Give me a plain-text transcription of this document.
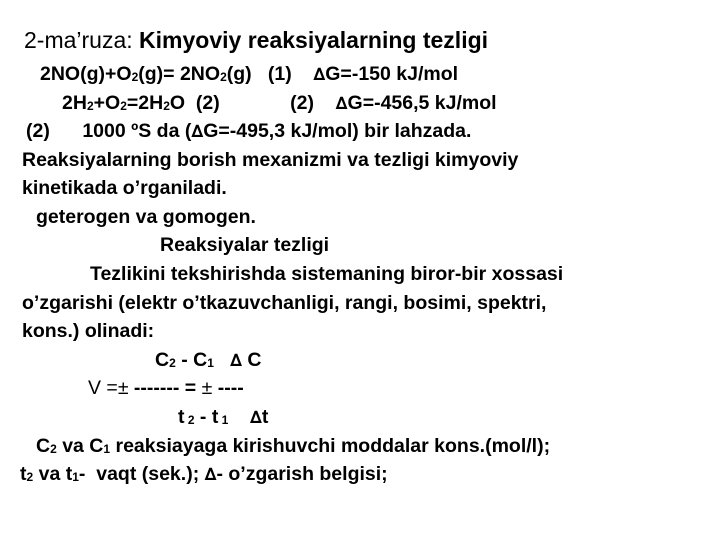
2-ma’ruza: Kimyoviy reaksiyalarning tezligi
$2NO(g)+O_2(g)= 2NO_2(g)$   (1)    ∆G=-150 kJ/mol
$2H_2+O_2=2H_2O$  (2)             (2)    ∆G=-456,5 kJ/mol
(2)      1000 ºS da (∆G=-495,3 kJ/mol) bir lahzada.
Reaksiyalarning borish mexanizmi va tezligi kimyoviy
kinetikada o’rganiladi.
geterogen va gomogen.
Reaksiyalar tezligi
Tezlikini tekshirishda sistemaning biror-bir xossasi
o’zgarishi (elektr o’tkazuvchanligi, rangi, bosimi, spektri,
kons.) olinadi:
$C_2 - C_1$ ∆ C
V =± ------- = ± ----
t $_2$ - t $_1$ ∆t
$C_2$ va $C_1$ reaksiayaga kirishuvchi moddalar kons.(mol/l);
$t_2$ va $t_1-$  vaqt (sek.); ∆- o’zgarish belgisi;
